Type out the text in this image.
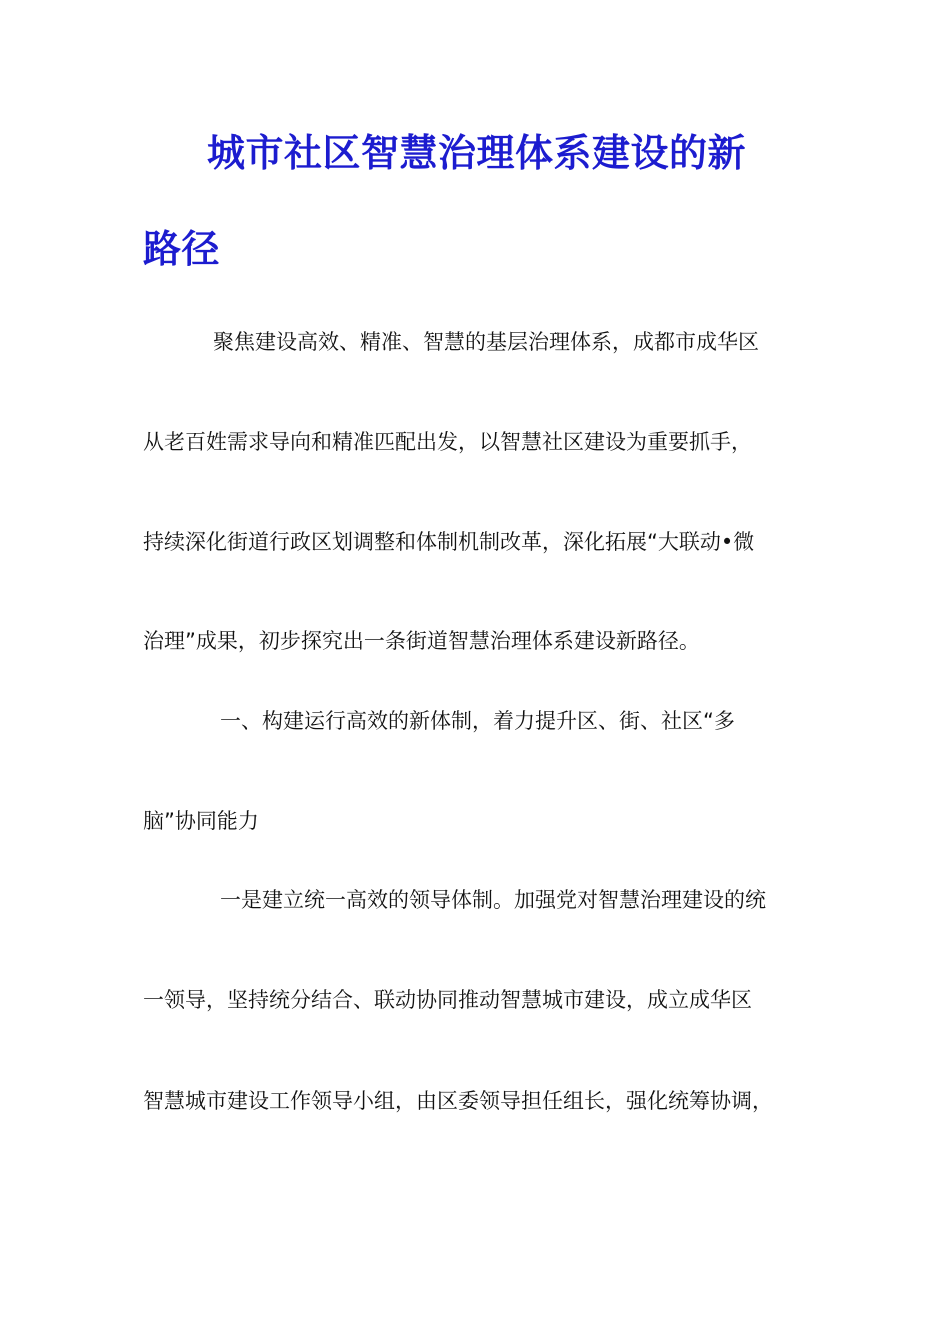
城市社区智慧治理体系建设的新
路径
聚焦建设高效、精准、智慧的基层治理体系，成都市成华区
从老百姓需求导向和精准匹配出发，以智慧社区建设为重要抓手，
持续深化街道行政区划调整和体制机制改革，深化拓展“大联动•微
治理”成果，初步探究出一条街道智慧治理体系建设新路径。
一、构建运行高效的新体制，着力提升区、街、社区“多
脑”协同能力
一是建立统一高效的领导体制。加强党对智慧治理建设的统
一领导，坚持统分结合、联动协同推动智慧城市建设，成立成华区
智慧城市建设工作领导小组，由区委领导担任组长，强化统筹协调，
